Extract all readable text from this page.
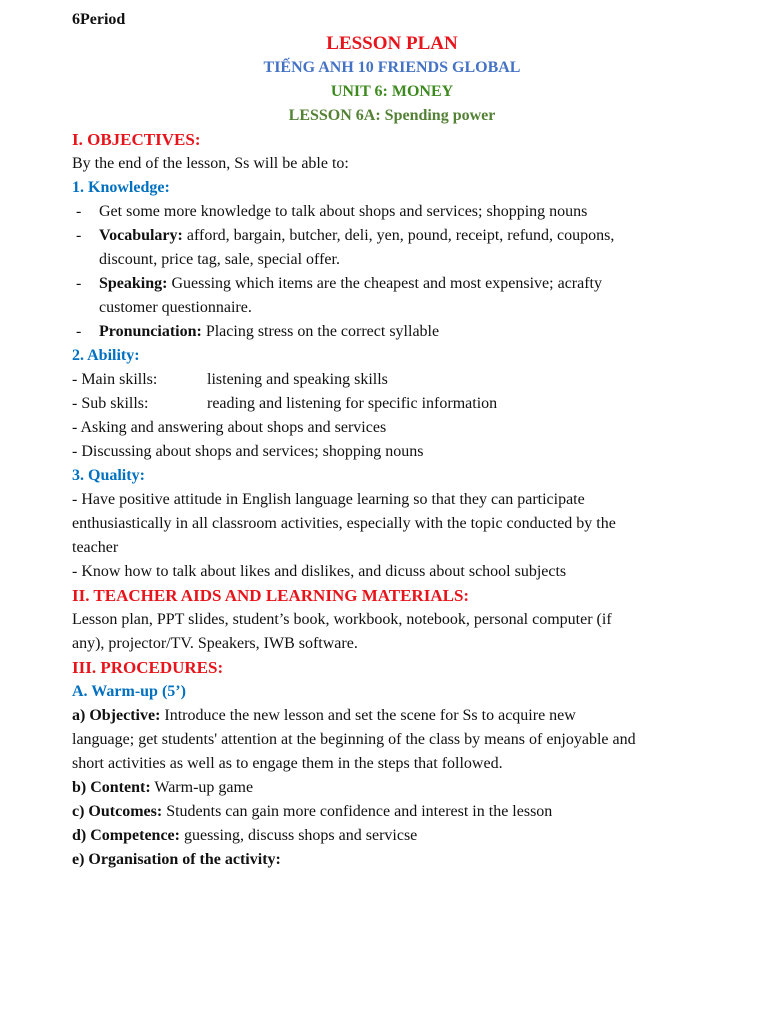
6Period
LESSON PLAN
TIẾNG ANH 10 FRIENDS GLOBAL
UNIT 6: MONEY
LESSON 6A: Spending power
I. OBJECTIVES:
By the end of the lesson, Ss will be able to:
1. Knowledge:
-	Get some more knowledge to talk about shops and services; shopping nouns
-	Vocabulary: afford, bargain, butcher, deli, yen, pound, receipt, refund, coupons,
discount, price tag, sale, special offer.
-	Speaking: Guessing which items are the cheapest and most expensive; acrafty
customer questionnaire.
-	Pronunciation: Placing stress on the correct syllable
2. Ability:
- Main skills:	listening and speaking skills
- Sub skills:	reading and listening for specific information
- Asking and answering about shops and services
- Discussing about shops and services; shopping nouns
3. Quality:
- Have positive attitude in English language learning so that they can participate
enthusiastically in all classroom activities, especially with the topic conducted by the
teacher
- Know how to talk about likes and dislikes, and dicuss about school subjects
II. TEACHER AIDS AND LEARNING MATERIALS:
Lesson plan, PPT slides, student’s book, workbook, notebook, personal computer (if
any), projector/TV. Speakers, IWB software.
III. PROCEDURES:
A. Warm-up (5’)
a) Objective: Introduce the new lesson and set the scene for Ss to acquire new
language; get students' attention at the beginning of the class by means of enjoyable and
short activities as well as to engage them in the steps that followed.
b) Content: Warm-up game
c) Outcomes: Students can gain more confidence and interest in the lesson
d) Competence: guessing, discuss shops and servicse
e) Organisation of the activity:
